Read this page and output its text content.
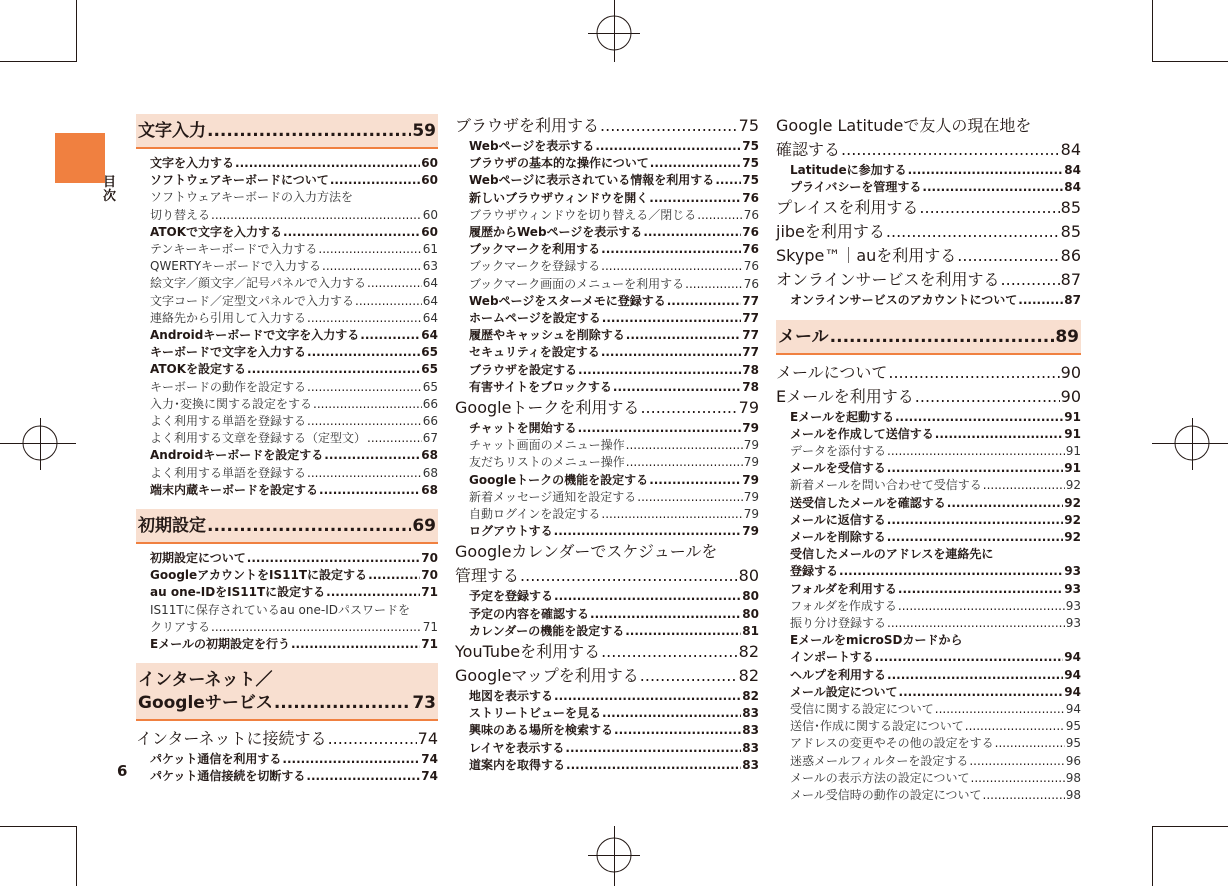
目次
6
文字入力 .....	59
文字を入力する .....	60
ソフトウェアキーボードについて .....	60
ソフトウェアキーボードの入力方法を
切り替える .....	60
ATOKで文字を入力する .....	60
テンキーキーボードで入力する .....	61
QWERTYキーボードで入力する .....	63
絵文字／顔文字／記号パネルで入力する .....	64
文字コード／定型文パネルで入力する .....	64
連絡先から引用して入力する .....	64
Androidキーボードで文字を入力する .....	64
キーボードで文字を入力する .....	65
ATOKを設定する .....	65
キーボードの動作を設定する .....	65
入力･変換に関する設定をする .....	66
よく利用する単語を登録する .....	66
よく利用する文章を登録する（定型文） .....	67
Androidキーボードを設定する .....	68
よく利用する単語を登録する .....	68
端末内蔵キーボードを設定する .....	68
初期設定 .....	69
初期設定について .....	70
GoogleアカウントをIS11Tに設定する .....	70
au one-IDをIS11Tに設定する .....	71
IS11Tに保存されているau one-IDパスワードを
クリアする .....	71
Eメールの初期設定を行う .....	71
インターネット／
Googleサービス .....	73
インターネットに接続する .....	74
パケット通信を利用する .....	74
パケット通信接続を切断する .....	74
ブラウザを利用する .....	75
Webページを表示する .....	75
ブラウザの基本的な操作について .....	75
Webページに表示されている情報を利用する ..... 75
新しいブラウザウィンドウを開く .....	76
ブラウザウィンドウを切り替える／閉じる .....	76
履歴からWebページを表示する .....	76
ブックマークを利用する .....	76
ブックマークを登録する .....	76
ブックマーク画面のメニューを利用する .....	76
Webページをスターメモに登録する .....	77
ホームページを設定する .....	77
履歴やキャッシュを削除する .....	77
セキュリティを設定する .....	77
ブラウザを設定する .....	78
有害サイトをブロックする .....	78
Googleトークを利用する .....	79
チャットを開始する .....	79
チャット画面のメニュー操作 .....	79
友だちリストのメニュー操作 .....	79
Googleトークの機能を設定する .....	79
新着メッセージ通知を設定する .....	79
自動ログインを設定する .....	79
ログアウトする .....	79
Googleカレンダーでスケジュールを
管理する .....	80
予定を登録する .....	80
予定の内容を確認する .....	80
カレンダーの機能を設定する .....	81
YouTubeを利用する .....	82
Googleマップを利用する .....	82
地図を表示する .....	82
ストリートビューを見る .....	83
興味のある場所を検索する .....	83
レイヤを表示する .....	83
道案内を取得する .....	83
Google Latitudeで友人の現在地を
確認する .....	84
Latitudeに参加する .....	84
プライバシーを管理する .....	84
プレイスを利用する .....	85
jibeを利用する .....	85
Skype™｜auを利用する .....	86
オンラインサービスを利用する .....	87
オンラインサービスのアカウントについて .....	87
メール .....	89
メールについて .....	90
Eメールを利用する .....	90
Eメールを起動する .....	91
メールを作成して送信する .....	91
データを添付する .....	91
メールを受信する .....	91
新着メールを問い合わせて受信する .....	92
送受信したメールを確認する .....	92
メールに返信する .....	92
メールを削除する .....	92
受信したメールのアドレスを連絡先に
登録する .....	93
フォルダを利用する .....	93
フォルダを作成する .....	93
振り分け登録する .....	93
EメールをmicroSDカードから
インポートする .....	94
ヘルプを利用する .....	94
メール設定について .....	94
受信に関する設定について .....	94
送信･作成に関する設定について .....	95
アドレスの変更やその他の設定をする .....	95
迷惑メールフィルターを設定する .....	96
メールの表示方法の設定について .....	98
メール受信時の動作の設定について .....	98
